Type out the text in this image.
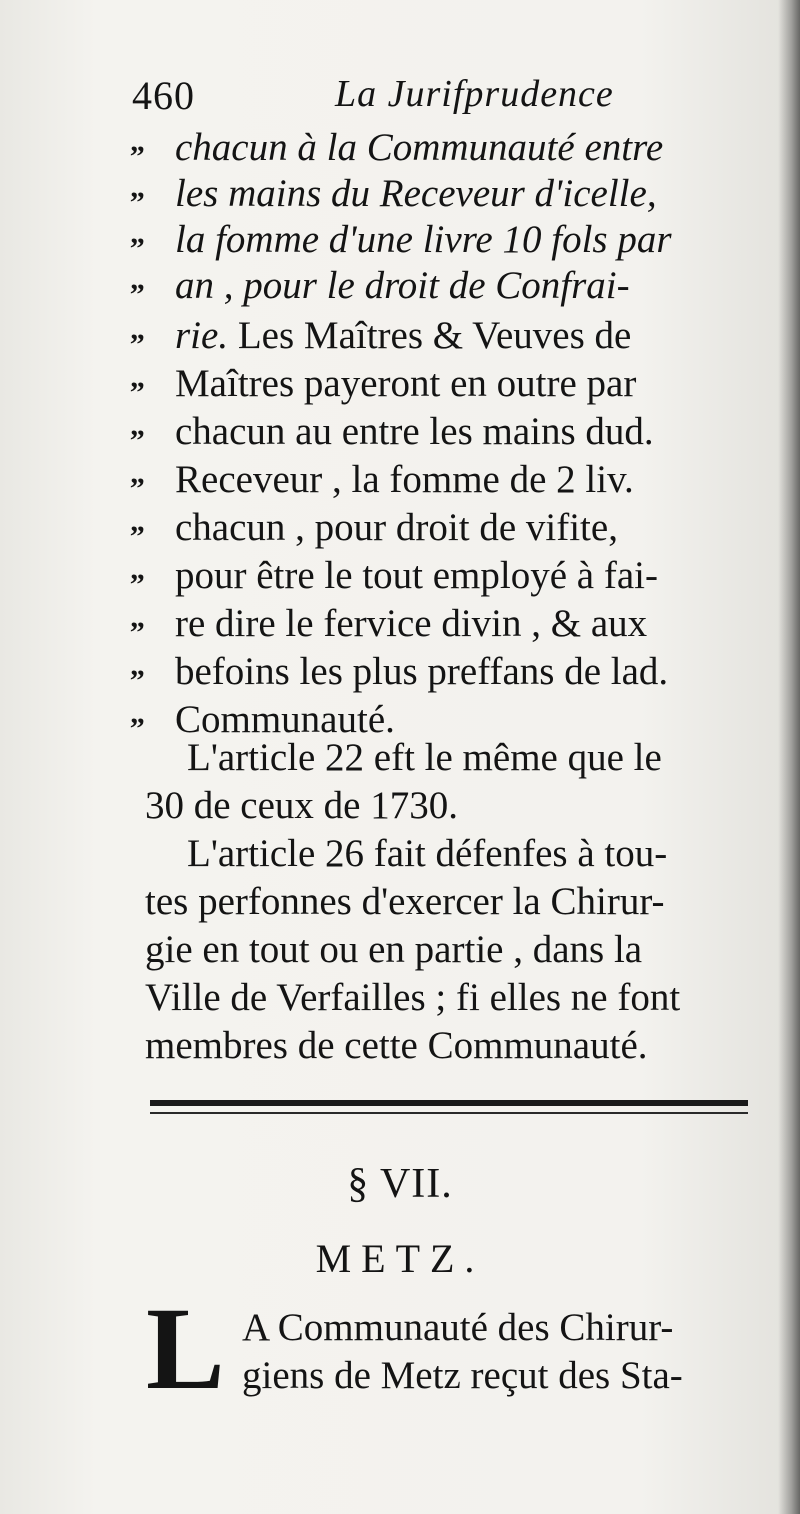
460	La Jurifprudence
„ chacun à la Communauté entre
„ les mains du Receveur d'icelle,
„ la fomme d'une livre 10 fols par
„ an , pour le droit de Confrai-
„ rie. Les Maîtres & Veuves de
„ Maîtres payeront en outre par
„ chacun au entre les mains dud.
„ Receveur , la fomme de 2 liv.
„ chacun , pour droit de vifite,
„ pour être le tout employé à fai-
„ re dire le fervice divin , & aux
„ befoins les plus preffans de lad.
„ Communauté.
L'article 22 eft le même que le
30 de ceux de 1730.
L'article 26 fait défenfes à tou-
tes perfonnes d'exercer la Chirur-
gie en tout ou en partie , dans la
Ville de Verfailles ; fi elles ne font
membres de cette Communauté.
§ VII.
METZ.
L A Communauté des Chirur-
giens de Metz reçut des Sta-
